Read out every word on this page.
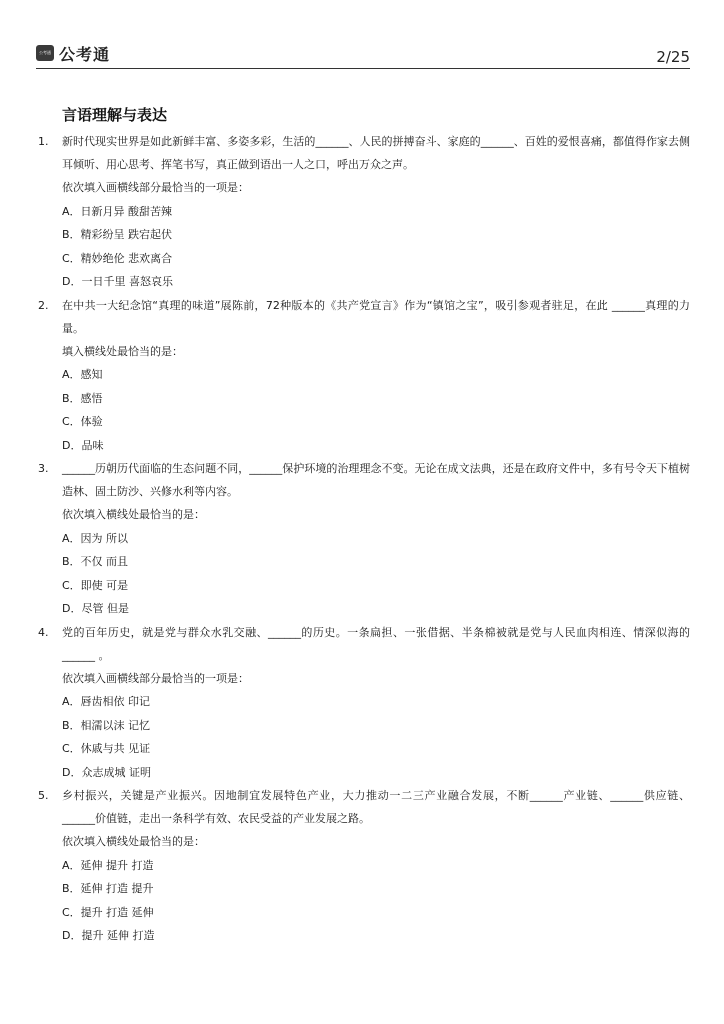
公考通 公考通	2/25
言语理解与表达
1. 新时代现实世界是如此新鲜丰富、多姿多彩，生活的______、人民的拼搏奋斗、家庭的______、百姓的爱恨喜痛，都值得作家去侧耳倾听、用心思考、挥笔书写，真正做到语出一人之口，呼出万众之声。
依次填入画横线部分最恰当的一项是：
A．日新月异 酸甜苦辣
B．精彩纷呈 跌宕起伏
C．精妙绝伦 悲欢离合
D．一日千里 喜怒哀乐
2. 在中共一大纪念馆“真理的味道”展陈前，72种版本的《共产党宣言》作为“镇馆之宝”，吸引参观者驻足，在此 ______真理的力量。
填入横线处最恰当的是：
A．感知
B．感悟
C．体验
D．品味
3. ______历朝历代面临的生态问题不同，______保护环境的治理理念不变。无论在成文法典，还是在政府文件中，多有号令天下植树造林、固土防沙、兴修水利等内容。
依次填入横线处最恰当的是：
A．因为 所以
B．不仅 而且
C．即使 可是
D．尽管 但是
4. 党的百年历史，就是党与群众水乳交融、______的历史。一条扁担、一张借据、半条棉被就是党与人民血肉相连、情深似海的______ 。
依次填入画横线部分最恰当的一项是：
A．唇齿相依 印记
B．相濡以沫 记忆
C．休戚与共 见证
D．众志成城 证明
5. 乡村振兴，关键是产业振兴。因地制宜发展特色产业，大力推动一二三产业融合发展，不断______产业链、______供应链、 ______价值链，走出一条科学有效、农民受益的产业发展之路。
依次填入横线处最恰当的是：
A．延伸 提升 打造
B．延伸 打造 提升
C．提升 打造 延伸
D．提升 延伸 打造
